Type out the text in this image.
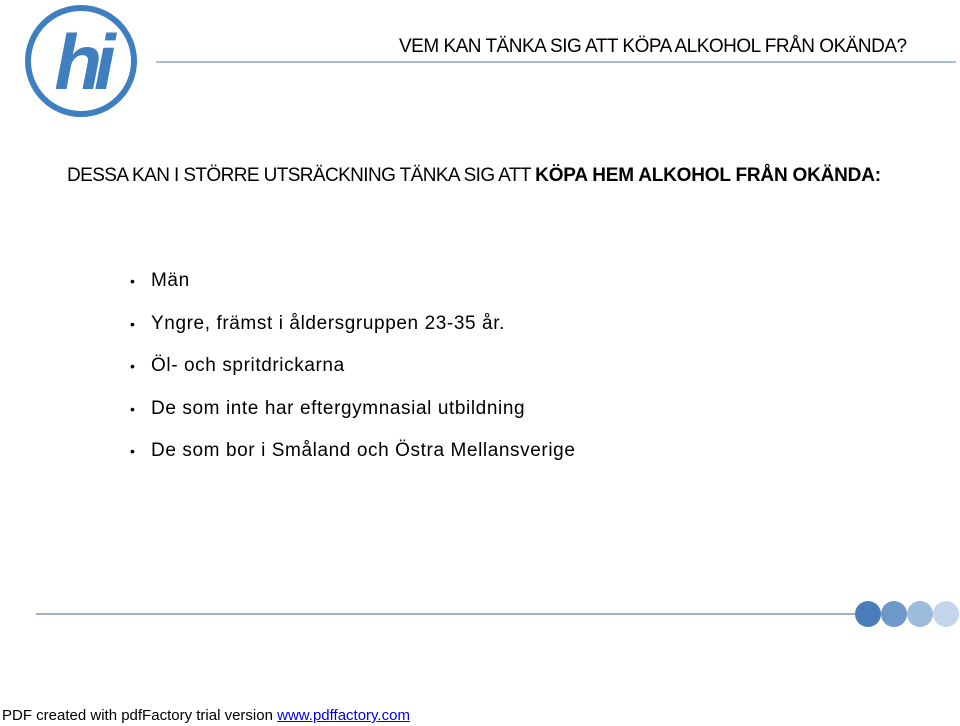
hi	VEM KAN TÄNKA SIG ATT KÖPA ALKOHOL FRÅN OKÄNDA?
DESSA KAN I STÖRRE UTSRÄCKNING TÄNKA SIG ATT KÖPA HEM ALKOHOL FRÅN OKÄNDA:
• Män
• Yngre, främst i åldersgruppen 23-35 år.
• Öl- och spritdrickarna
• De som inte har eftergymnasial utbildning
• De som bor i Småland och Östra Mellansverige
PDF created with pdfFactory trial version www.pdffactory.com
